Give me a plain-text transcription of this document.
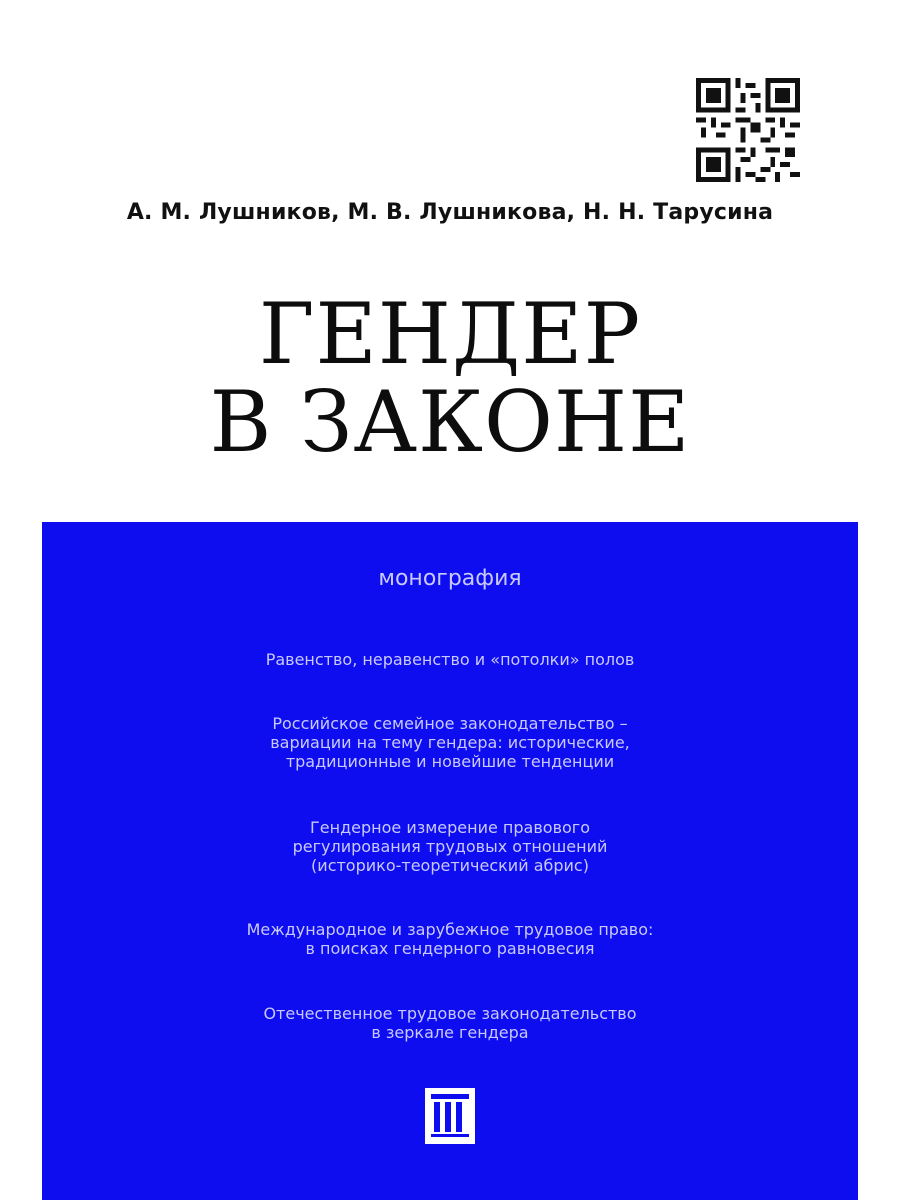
А. М. Лушников, М. В. Лушникова, Н. Н. Тарусина
ГЕНДЕР
В ЗАКОНЕ
монография
Равенство, неравенство и «потолки» полов
Российское семейное законодательство –
вариации на тему гендера: исторические,
традиционные и новейшие тенденции
Гендерное измерение правового
регулирования трудовых отношений
(историко-теоретический абрис)
Международное и зарубежное трудовое право:
в поисках гендерного равновесия
Отечественное трудовое законодательство
в зеркале гендера
